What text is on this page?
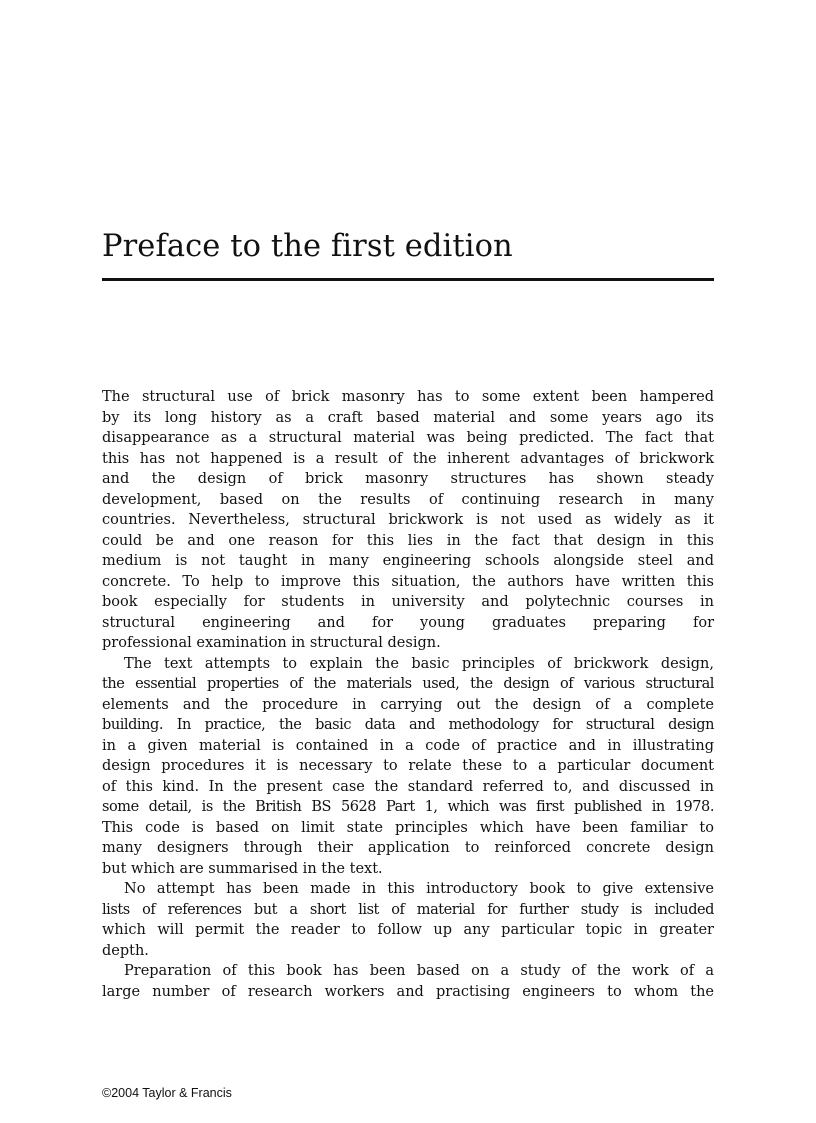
Preface to the first edition

The structural use of brick masonry has to some extent been hampered
by its long history as a craft based material and some years ago its
disappearance as a structural material was being predicted. The fact that
this has not happened is a result of the inherent advantages of brickwork
and the design of brick masonry structures has shown steady
development, based on the results of continuing research in many
countries. Nevertheless, structural brickwork is not used as widely as it
could be and one reason for this lies in the fact that design in this
medium is not taught in many engineering schools alongside steel and
concrete. To help to improve this situation, the authors have written this
book especially for students in university and polytechnic courses in
structural engineering and for young graduates preparing for
professional examination in structural design.

The text attempts to explain the basic principles of brickwork design,
the essential properties of the materials used, the design of various structural
elements and the procedure in carrying out the design of a complete
building. In practice, the basic data and methodology for structural design
in a given material is contained in a code of practice and in illustrating
design procedures it is necessary to relate these to a particular document
of this kind. In the present case the standard referred to, and discussed in
some detail, is the British BS 5628 Part 1, which was first published in 1978.
This code is based on limit state principles which have been familiar to
many designers through their application to reinforced concrete design
but which are summarised in the text.

No attempt has been made in this introductory book to give extensive
lists of references but a short list of material for further study is included
which will permit the reader to follow up any particular topic in greater
depth.

Preparation of this book has been based on a study of the work of a
large number of research workers and practising engineers to whom the

©2004 Taylor & Francis
